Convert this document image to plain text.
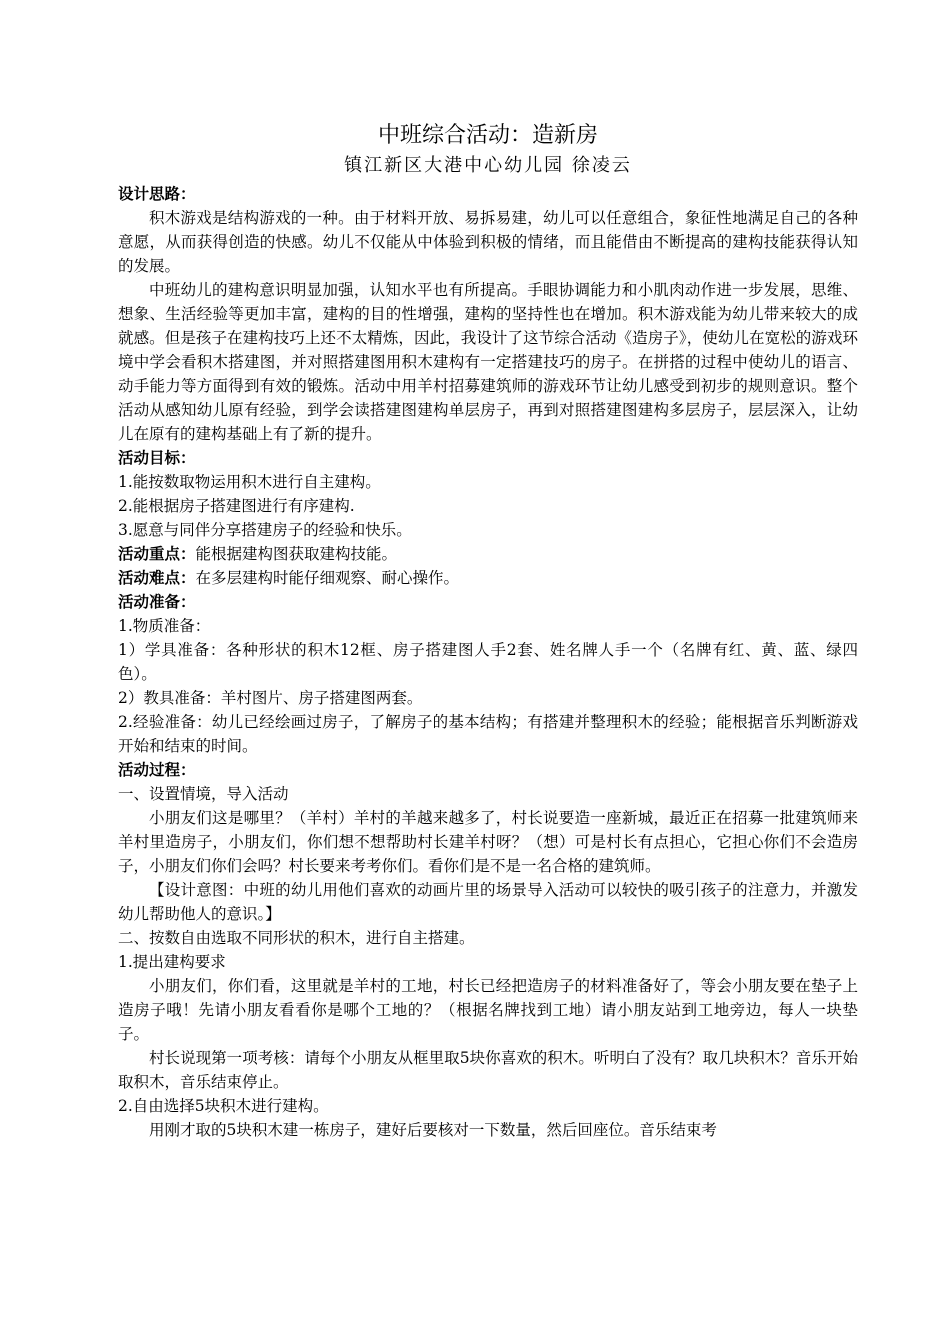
中班综合活动：造新房

镇江新区大港中心幼儿园 徐凌云

设计思路：

积木游戏是结构游戏的一种。由于材料开放、易拆易建，幼儿可以任意组合，象征性地满足自己的各种意愿，从而获得创造的快感。幼儿不仅能从中体验到积极的情绪，而且能借由不断提高的建构技能获得认知的发展。

中班幼儿的建构意识明显加强，认知水平也有所提高。手眼协调能力和小肌肉动作进一步发展，思维、想象、生活经验等更加丰富，建构的目的性增强，建构的坚持性也在增加。积木游戏能为幼儿带来较大的成就感。但是孩子在建构技巧上还不太精炼，因此，我设计了这节综合活动《造房子》，使幼儿在宽松的游戏环境中学会看积木搭建图，并对照搭建图用积木建构有一定搭建技巧的房子。在拼搭的过程中使幼儿的语言、动手能力等方面得到有效的锻炼。活动中用羊村招募建筑师的游戏环节让幼儿感受到初步的规则意识。整个活动从感知幼儿原有经验，到学会读搭建图建构单层房子，再到对照搭建图建构多层房子，层层深入，让幼儿在原有的建构基础上有了新的提升。

活动目标：

1.能按数取物运用积木进行自主建构。

2.能根据房子搭建图进行有序建构.

3.愿意与同伴分享搭建房子的经验和快乐。

活动重点：能根据建构图获取建构技能。

活动难点：在多层建构时能仔细观察、耐心操作。

活动准备：

1.物质准备：

1）学具准备：各种形状的积木12框、房子搭建图人手2套、姓名牌人手一个（名牌有红、黄、蓝、绿四色）。

2）教具准备：羊村图片、房子搭建图两套。

2.经验准备：幼儿已经绘画过房子，了解房子的基本结构；有搭建并整理积木的经验；能根据音乐判断游戏开始和结束的时间。

活动过程：

一、设置情境，导入活动

小朋友们这是哪里？（羊村）羊村的羊越来越多了，村长说要造一座新城，最近正在招募一批建筑师来羊村里造房子，小朋友们，你们想不想帮助村长建羊村呀？（想）可是村长有点担心，它担心你们不会造房子，小朋友们你们会吗？村长要来考考你们。看你们是不是一名合格的建筑师。

【设计意图：中班的幼儿用他们喜欢的动画片里的场景导入活动可以较快的吸引孩子的注意力，并激发幼儿帮助他人的意识。】

二、按数自由选取不同形状的积木，进行自主搭建。

1.提出建构要求

小朋友们，你们看，这里就是羊村的工地，村长已经把造房子的材料准备好了，等会小朋友要在垫子上造房子哦！先请小朋友看看你是哪个工地的？（根据名牌找到工地）请小朋友站到工地旁边，每人一块垫子。

村长说现第一项考核：请每个小朋友从框里取5块你喜欢的积木。听明白了没有？取几块积木？音乐开始取积木，音乐结束停止。

2.自由选择5块积木进行建构。

用刚才取的5块积木建一栋房子，建好后要核对一下数量，然后回座位。音乐结束考
